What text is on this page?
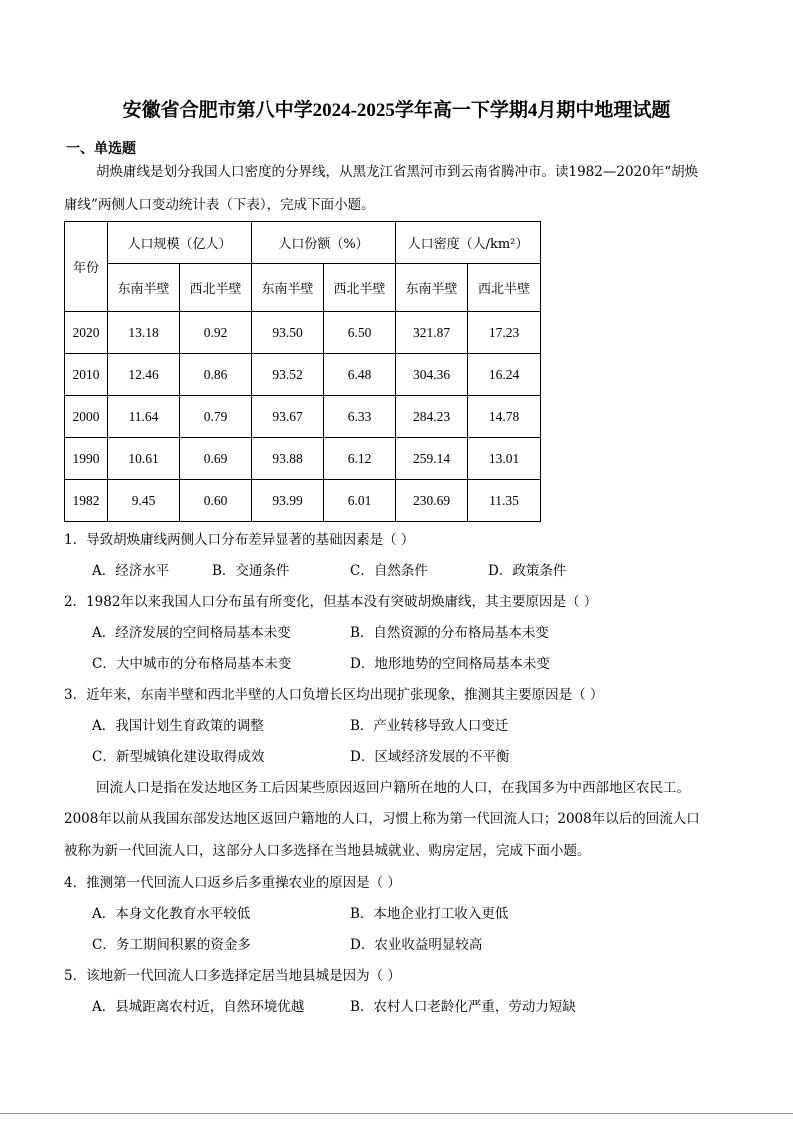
安徽省合肥市第八中学2024-2025学年高一下学期4月期中地理试题
一、单选题
胡焕庸线是划分我国人口密度的分界线，从黑龙江省黑河市到云南省腾冲市。读1982—2020年“胡焕
庸线”两侧人口变动统计表（下表），完成下面小题。
年份	人口规模（亿人）		人口份额（%）		人口密度（人/km²）	
	东南半壁	西北半壁	东南半壁	西北半壁	东南半壁	西北半壁
2020	13.18	0.92	93.50	6.50	321.87	17.23
2010	12.46	0.86	93.52	6.48	304.36	16.24
2000	11.64	0.79	93.67	6.33	284.23	14.78
1990	10.61	0.69	93.88	6.12	259.14	13.01
1982	9.45	0.60	93.99	6.01	230.69	11.35
1．导致胡焕庸线两侧人口分布差异显著的基础因素是（ ）
A．经济水平	B．交通条件	C．自然条件	D．政策条件
2．1982年以来我国人口分布虽有所变化，但基本没有突破胡焕庸线，其主要原因是（ ）
A．经济发展的空间格局基本未变	B．自然资源的分布格局基本未变
C．大中城市的分布格局基本未变	D．地形地势的空间格局基本未变
3．近年来，东南半壁和西北半壁的人口负增长区均出现扩张现象，推测其主要原因是（ ）
A．我国计划生育政策的调整	B．产业转移导致人口变迁
C．新型城镇化建设取得成效	D．区域经济发展的不平衡
回流人口是指在发达地区务工后因某些原因返回户籍所在地的人口，在我国多为中西部地区农民工。
2008年以前从我国东部发达地区返回户籍地的人口，习惯上称为第一代回流人口；2008年以后的回流人口
被称为新一代回流人口，这部分人口多选择在当地县城就业、购房定居，完成下面小题。
4．推测第一代回流人口返乡后多重操农业的原因是（ ）
A．本身文化教育水平较低	B．本地企业打工收入更低
C．务工期间积累的资金多	D．农业收益明显较高
5．该地新一代回流人口多选择定居当地县城是因为（ ）
A．县城距离农村近，自然环境优越	B．农村人口老龄化严重，劳动力短缺
